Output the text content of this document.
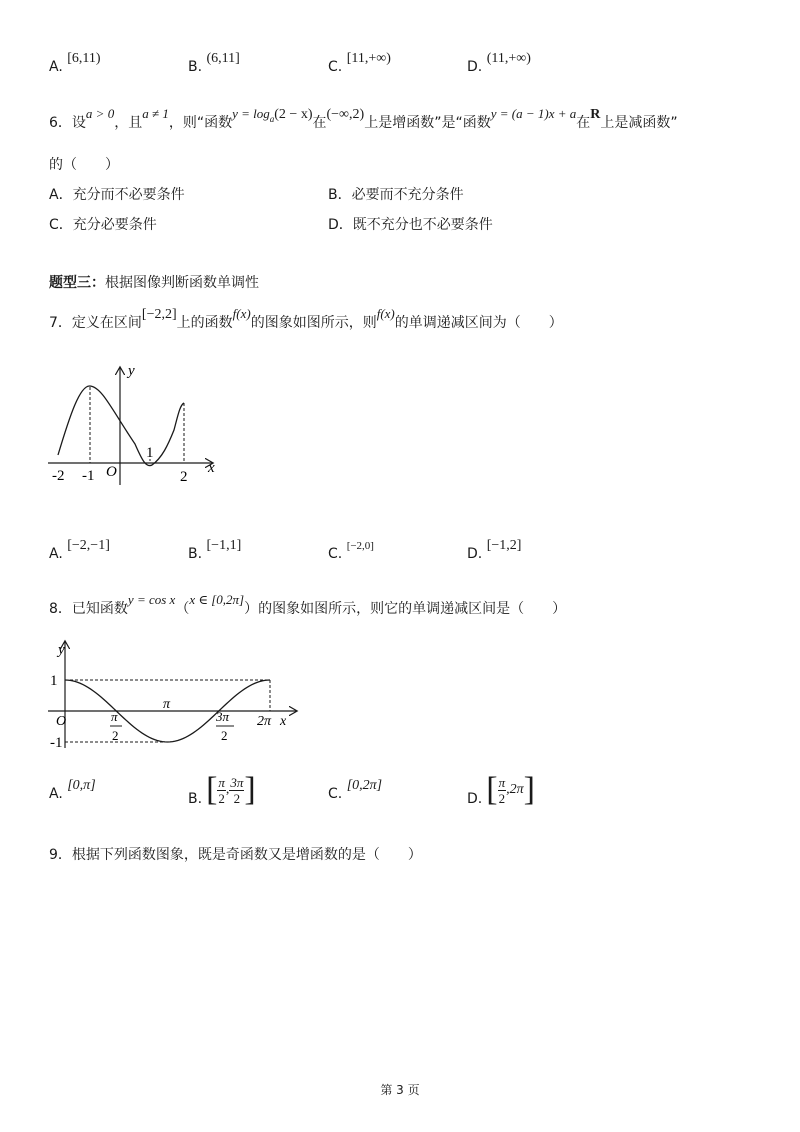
A. [6,11)
B. (6,11]
C. [11,+∞)
D. (11,+∞)
6．设a > 0，且a ≠ 1，则“函数$y = \log_a(2 - x)$在(−∞,2)上是增函数”是“函数y = (a − 1)x + a在R上是减函数”
的（　　）
A．充分而不必要条件	B．必要而不充分条件
C．充分必要条件	D．既不充分也不必要条件
题型三：根据图像判断函数单调性
7．定义在区间[−2,2]上的函数f(x)的图象如图所示，则f(x)的单调递减区间为（　　）
y
x
O
-2 -1
1
2
A. [−2,−1]
B. [−1,1]
C. [−2,0]	D. [−1,2]
8．已知函数y = cos x（x ∈ [0,2π]）的图象如图所示，则它的单调递减区间是（　　）
y
x
O
1
-1
π
π
2
3π
2
2π
A. [0,π]
B. [ $\frac{\pi}{2}$ , $\frac{3\pi}{2}$ ]	C. [0,2π]
D. [ $\frac{\pi}{2} ,2\pi$ ]
9．根据下列函数图象，既是奇函数又是增函数的是（　　）
第 3 页
